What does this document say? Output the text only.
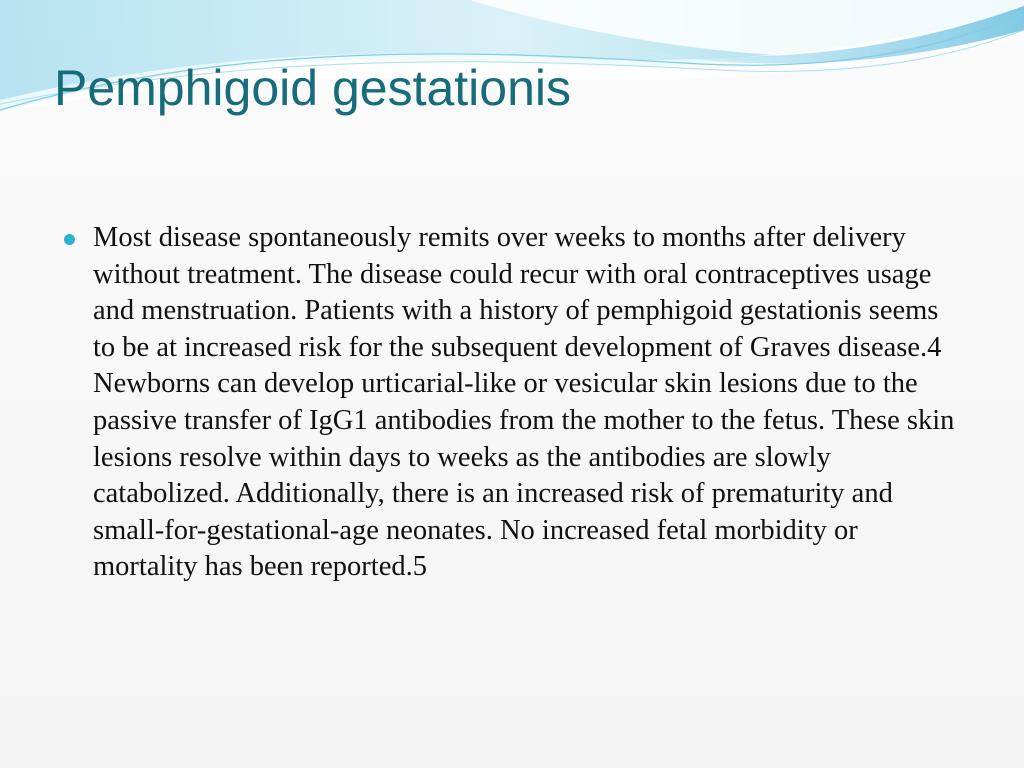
Pemphigoid gestationis

Most disease spontaneously remits over weeks to months after delivery without treatment. The disease could recur with oral contraceptives usage and menstruation. Patients with a history of pemphigoid gestationis seems to be at increased risk for the subsequent development of Graves disease.4 Newborns can develop urticarial-like or vesicular skin lesions due to the passive transfer of IgG1 antibodies from the mother to the fetus. These skin lesions resolve within days to weeks as the antibodies are slowly catabolized. Additionally, there is an increased risk of prematurity and small-for-gestational-age neonates. No increased fetal morbidity or mortality has been reported.5
